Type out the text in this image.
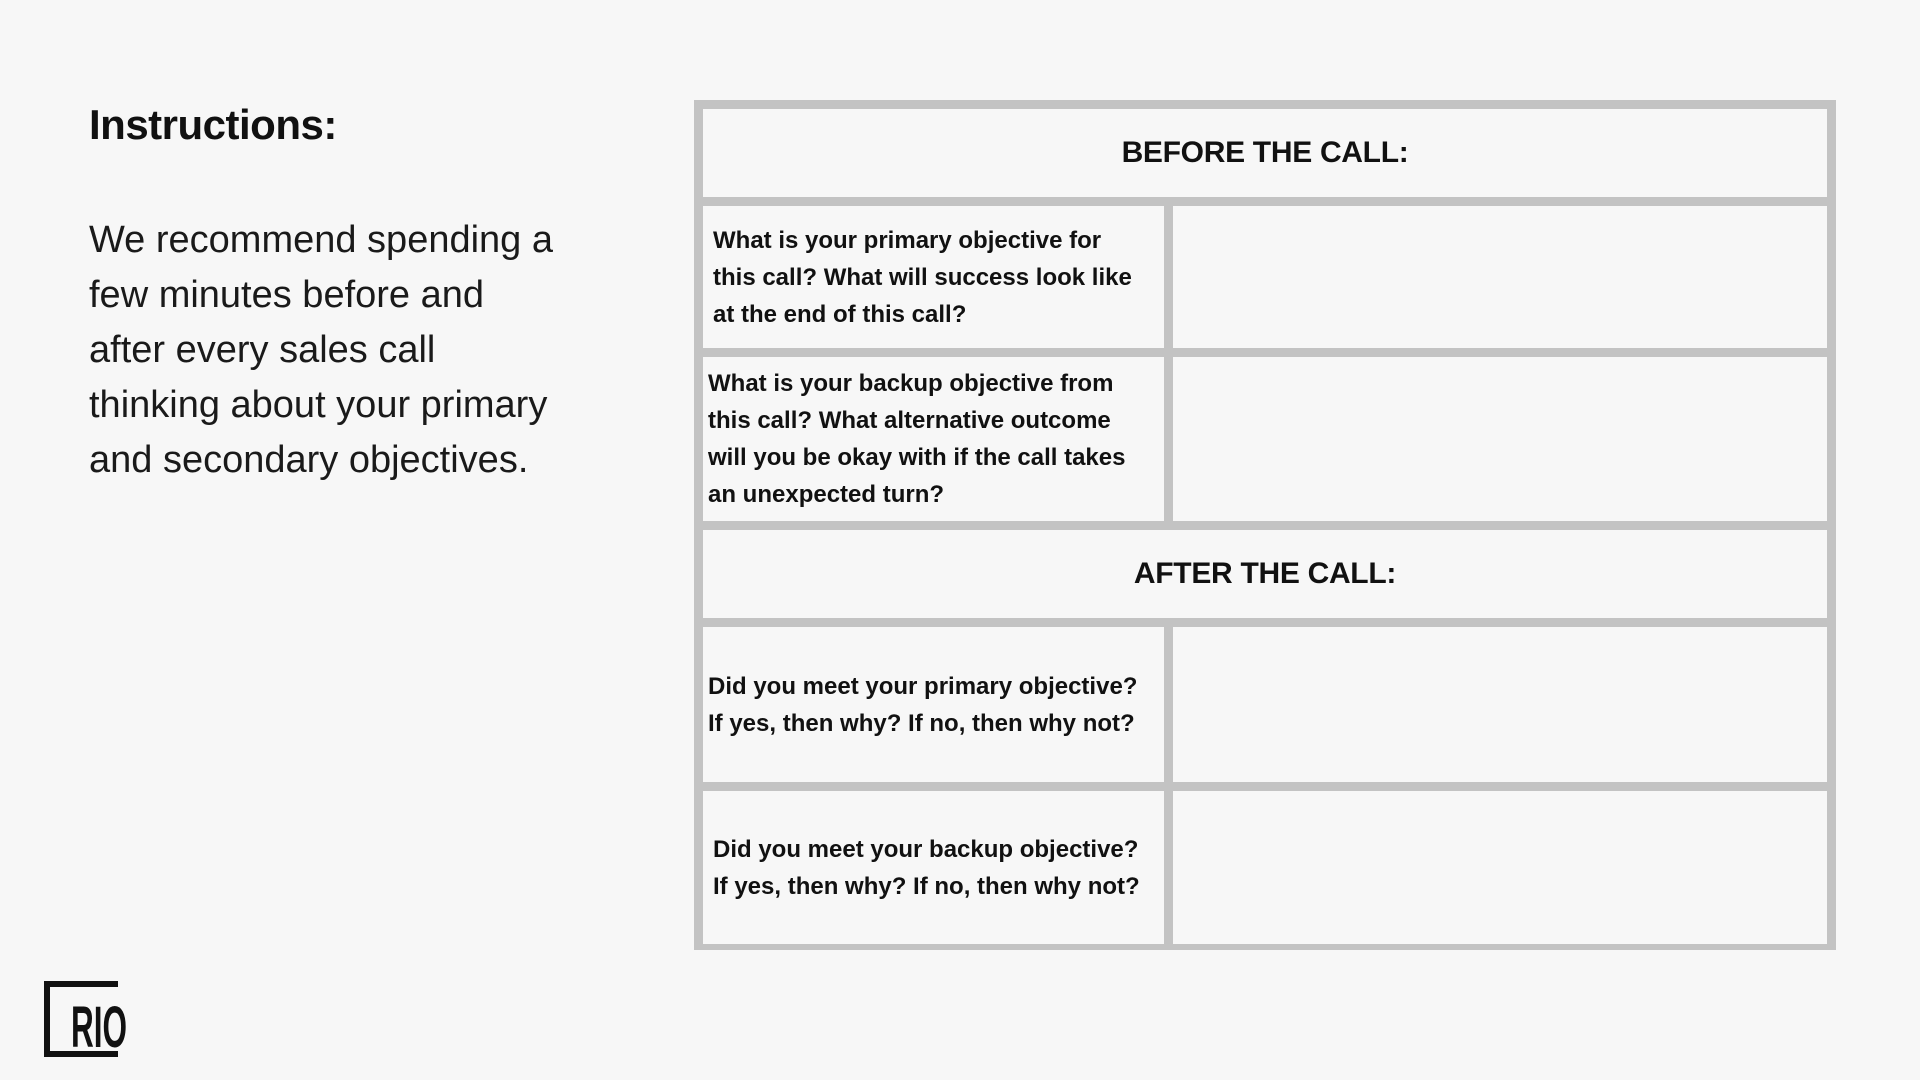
Instructions:

We recommend spending a few minutes before and after every sales call thinking about your primary and secondary objectives.

BEFORE THE CALL:
What is your primary objective for this call? What will success look like at the end of this call?
What is your backup objective from this call? What alternative outcome will you be okay with if the call takes an unexpected turn?
AFTER THE CALL:
Did you meet your primary objective? If yes, then why? If no, then why not?
Did you meet your backup objective? If yes, then why? If no, then why not?
RIO
